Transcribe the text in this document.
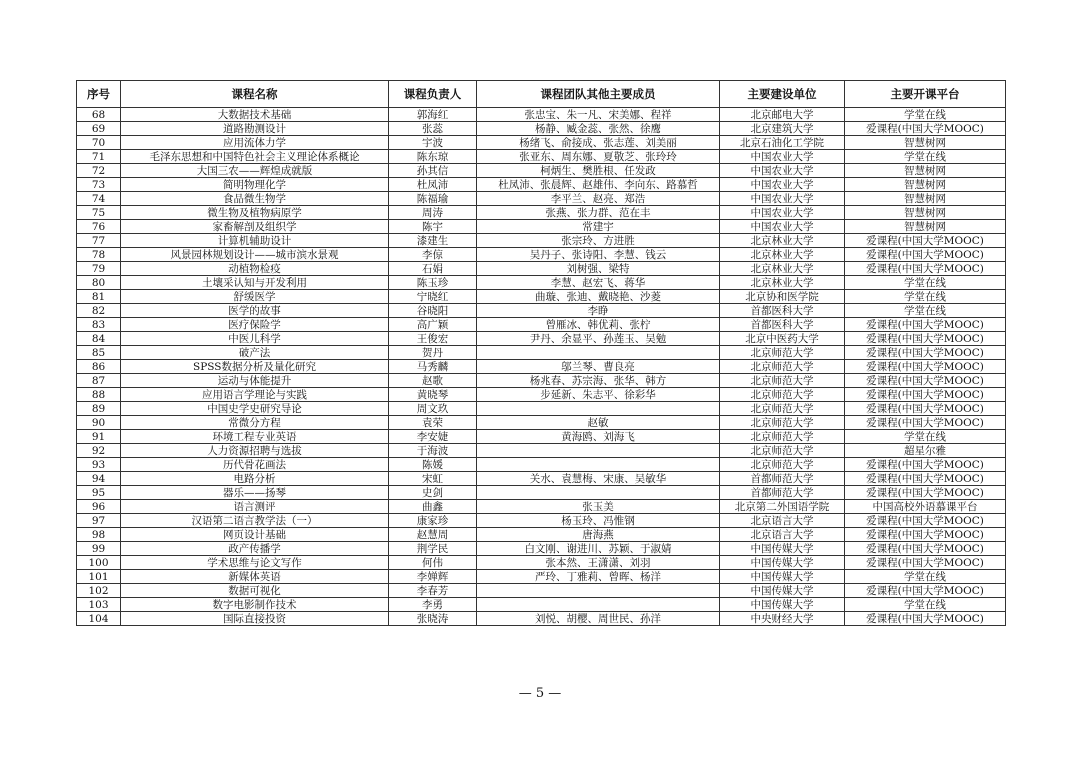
序号	课程名称	课程负责人	课程团队其他主要成员	主要建设单位	主要开课平台
68	大数据技术基础	郭海红	张忠宝、朱一凡、宋美娜、程祥	北京邮电大学	学堂在线
69	道路勘测设计	张蕊	杨静、臧金蕊、张然、徐鹰	北京建筑大学	爱课程(中国大学MOOC)
70	应用流体力学	宇波	杨绪飞、俞接成、张志莲、刘美丽	北京石油化工学院	智慧树网
71	毛泽东思想和中国特色社会主义理论体系概论	陈东琼	张亚东、周东娜、夏敬芝、张玲玲	中国农业大学	学堂在线
72	大国三农——辉煌成就版	孙其信	柯炳生、樊胜根、任发政	中国农业大学	智慧树网
73	简明物理化学	杜凤沛	杜凤沛、张晨辉、赵雄伟、李向东、路慕哲	中国农业大学	智慧树网
74	食品微生物学	陈福瑜	李平兰、赵亮、郑浩	中国农业大学	智慧树网
75	微生物及植物病原学	周涛	张燕、张力群、范在丰	中国农业大学	智慧树网
76	家畜解剖及组织学	陈宇	常建宇	中国农业大学	智慧树网
77	计算机辅助设计	漆建生	张宗玲、方进胜	北京林业大学	爱课程(中国大学MOOC)
78	风景园林规划设计——城市滨水景观	李倞	吴丹子、张诗阳、李慧、钱云	北京林业大学	爱课程(中国大学MOOC)
79	动植物检疫	石娟	刘树强、梁特	北京林业大学	爱课程(中国大学MOOC)
80	土壤采认知与开发利用	陈玉珍	李慧、赵宏飞、蒋华	北京林业大学	学堂在线
81	舒缓医学	宁晓红	曲璇、张迪、戴晓艳、沙菱	北京协和医学院	学堂在线
82	医学的故事	谷晓阳	李睁	首都医科大学	学堂在线
83	医疗保险学	高广颖	曾雁冰、韩优莉、张柠	首都医科大学	爱课程(中国大学MOOC)
84	中医儿科学	王俊宏	尹丹、余显平、孙莲玉、吴勉	北京中医药大学	爱课程(中国大学MOOC)
85	破产法	贺丹		北京师范大学	爱课程(中国大学MOOC)
86	SPSS数据分析及量化研究	马秀麟	邬兰琴、曹良亮	北京师范大学	爱课程(中国大学MOOC)
87	运动与体能提升	赵歌	杨兆春、苏宗海、张华、韩方	北京师范大学	爱课程(中国大学MOOC)
88	应用语言学理论与实践	黄晓琴	步延新、朱志平、徐彩华	北京师范大学	爱课程(中国大学MOOC)
89	中国史学史研究导论	周文玖		北京师范大学	爱课程(中国大学MOOC)
90	常微分方程	袁荣	赵敏	北京师范大学	爱课程(中国大学MOOC)
91	环境工程专业英语	李安婕	黄海鸥、刘海飞	北京师范大学	学堂在线
92	人力资源招聘与选拔	于海波		北京师范大学	超星尔雅
93	历代骨花画法	陈媛		北京师范大学	爱课程(中国大学MOOC)
94	电路分析	宋虹	关水、袁慧梅、宋康、吴敏华	首都师范大学	爱课程(中国大学MOOC)
95	器乐——扬琴	史剑		首都师范大学	爱课程(中国大学MOOC)
96	语言测评	曲鑫	张玉美	北京第二外国语学院	中国高校外语慕课平台
97	汉语第二语言教学法（一）	康家珍	杨玉玲、冯惟钢	北京语言大学	爱课程(中国大学MOOC)
98	网页设计基础	赵慧周	唐海燕	北京语言大学	爱课程(中国大学MOOC)
99	政产传播学	荆学民	白文刚、谢进川、苏颖、于淑婧	中国传媒大学	爱课程(中国大学MOOC)
100	学术思维与论文写作	何伟	张本然、王潇潇、刘羽	中国传媒大学	爱课程(中国大学MOOC)
101	新媒体英语	李婵辉	严玲、丁雅莉、曾晖、杨洋	中国传媒大学	学堂在线
102	数据可视化	李春芳		中国传媒大学	爱课程(中国大学MOOC)
103	数字电影制作技术	李勇		中国传媒大学	学堂在线
104	国际直接投资	张晓涛	刘悦、胡樱、周世民、孙洋	中央财经大学	爱课程(中国大学MOOC)
— 5 —
